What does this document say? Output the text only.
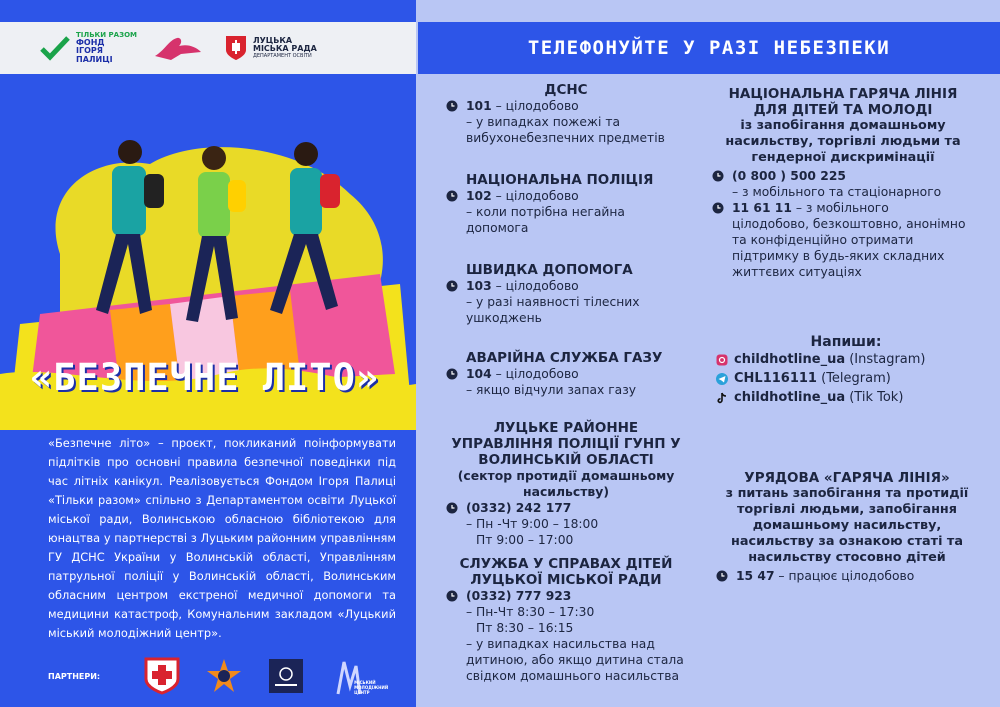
ТІЛЬКИ РАЗОМ
ФОНД ІГОРЯ ПАЛИЦІ
ЛУЦЬКА МІСЬКА РАДА
ДЕПАРТАМЕНТ ОСВІТИ
«БЕЗПЕЧНЕ ЛІТО»
«Безпечне літо» – проєкт, покликаний поінформувати підлітків про основні правила безпечної поведінки під час літніх канікул. Реалізовується Фондом Ігоря Палиці «Тільки разом» спільно з Департаментом освіти Луцької міської ради, Волинською обласною бібліотекою для юнацтва у партнерстві з Луцьким районним управлінням ГУ ДСНС України у Волинській області, Управлінням патрульної поліції у Волинській області, Волинським обласним центром екстреної медичної допомоги та медицини катастроф, Комунальним закладом «Луцький міський молодіжний центр».
ПАРТНЕРИ:
МІСЬКИЙ МОЛОДІЖНИЙ ЦЕНТР
ТЕЛЕФОНУЙТЕ У РАЗІ НЕБЕЗПЕКИ
ДСНС
101 – цілодобово
– у випадках пожежі та вибухонебезпечних предметів
НАЦІОНАЛЬНА ПОЛІЦІЯ
102 – цілодобово
– коли потрібна негайна допомога
ШВИДКА ДОПОМОГА
103 – цілодобово
– у разі наявності тілесних ушкоджень
АВАРІЙНА СЛУЖБА ГАЗУ
104 – цілодобово
– якщо відчули запах газу
ЛУЦЬКЕ РАЙОННЕ УПРАВЛІННЯ ПОЛІЦІЇ ГУНП У ВОЛИНСЬКІЙ ОБЛАСТІ
(сектор протидії домашньому насильству)
(0332) 242 177
– Пн -Чт 9:00 – 18:00
Пт 9:00 – 17:00
СЛУЖБА У СПРАВАХ ДІТЕЙ ЛУЦЬКОЇ МІСЬКОЇ РАДИ
(0332) 777 923
– Пн-Чт 8:30 – 17:30
Пт 8:30 – 16:15
– у випадках насильства над дитиною, або якщо дитина стала свідком домашнього насильства
НАЦІОНАЛЬНА ГАРЯЧА ЛІНІЯ ДЛЯ ДІТЕЙ ТА МОЛОДІ
із запобігання домашньому насильству, торгівлі людьми та гендерної дискримінації
(0 800 ) 500 225
– з мобільного та стаціонарного
11 61 11 – з мобільного
цілодобово, безкоштовно, анонімно та конфіденційно отримати підтримку в будь-яких складних життєвих ситуаціях
Напиши:
childhotline_ua (Instagram)
CHL116111 (Telegram)
childhotline_ua (Tik Tok)
УРЯДОВА «ГАРЯЧА ЛІНІЯ»
з питань запобігання та протидії торгівлі людьми, запобігання домашньому насильству, насильству за ознакою статі та насильству стосовно дітей
15 47 – працює цілодобово
